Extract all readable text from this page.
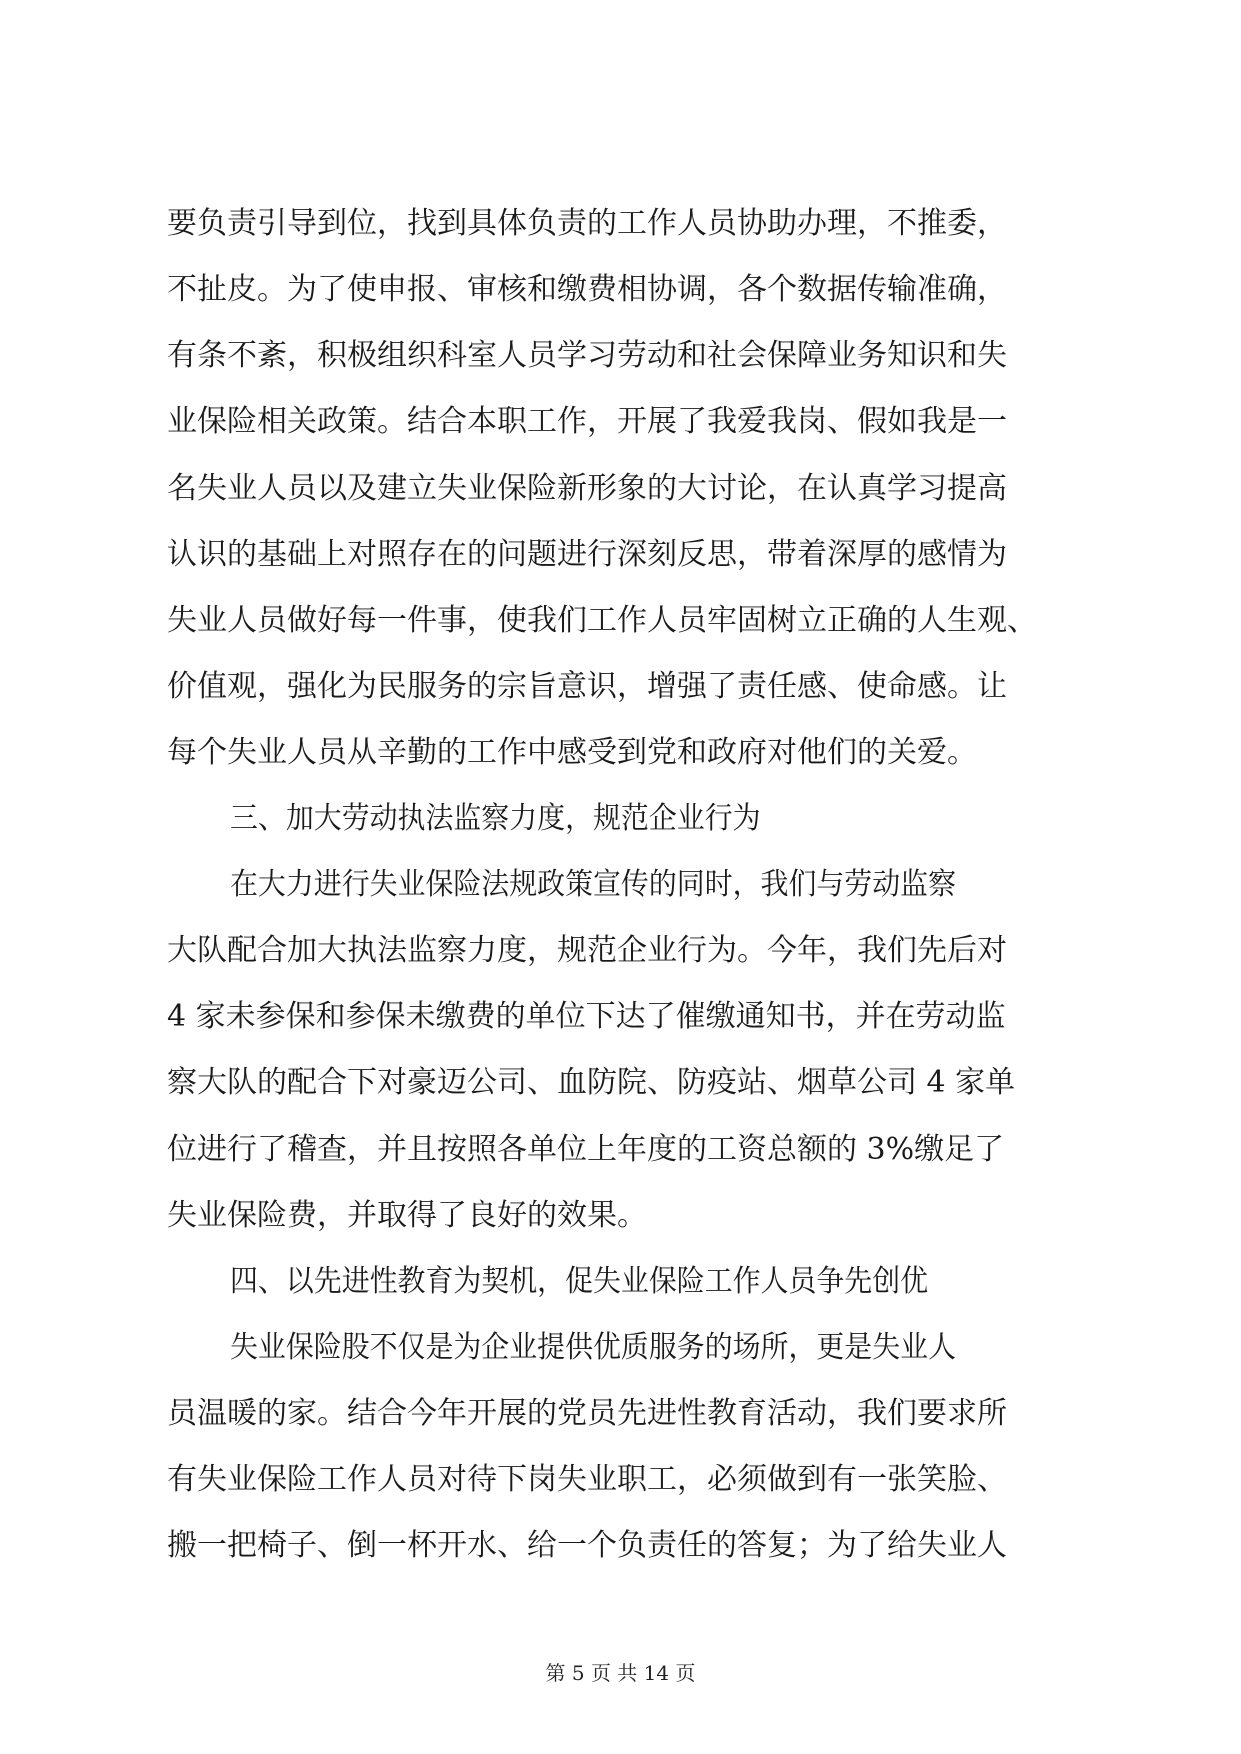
要负责引导到位，找到具体负责的工作人员协助办理，不推委，
不扯皮。为了使申报、审核和缴费相协调，各个数据传输准确，
有条不紊，积极组织科室人员学习劳动和社会保障业务知识和失
业保险相关政策。结合本职工作，开展了我爱我岗、假如我是一
名失业人员以及建立失业保险新形象的大讨论，在认真学习提高
认识的基础上对照存在的问题进行深刻反思，带着深厚的感情为
失业人员做好每一件事，使我们工作人员牢固树立正确的人生观、
价值观，强化为民服务的宗旨意识，增强了责任感、使命感。让
每个失业人员从辛勤的工作中感受到党和政府对他们的关爱。
三、加大劳动执法监察力度，规范企业行为
在大力进行失业保险法规政策宣传的同时，我们与劳动监察
大队配合加大执法监察力度，规范企业行为。今年，我们先后对
4 家未参保和参保未缴费的单位下达了催缴通知书，并在劳动监
察大队的配合下对豪迈公司、血防院、防疫站、烟草公司 4 家单
位进行了稽查，并且按照各单位上年度的工资总额的 3%缴足了
失业保险费，并取得了良好的效果。
四、以先进性教育为契机，促失业保险工作人员争先创优
失业保险股不仅是为企业提供优质服务的场所，更是失业人
员温暖的家。结合今年开展的党员先进性教育活动，我们要求所
有失业保险工作人员对待下岗失业职工，必须做到有一张笑脸、
搬一把椅子、倒一杯开水、给一个负责任的答复；为了给失业人
第 5 页 共 14 页
